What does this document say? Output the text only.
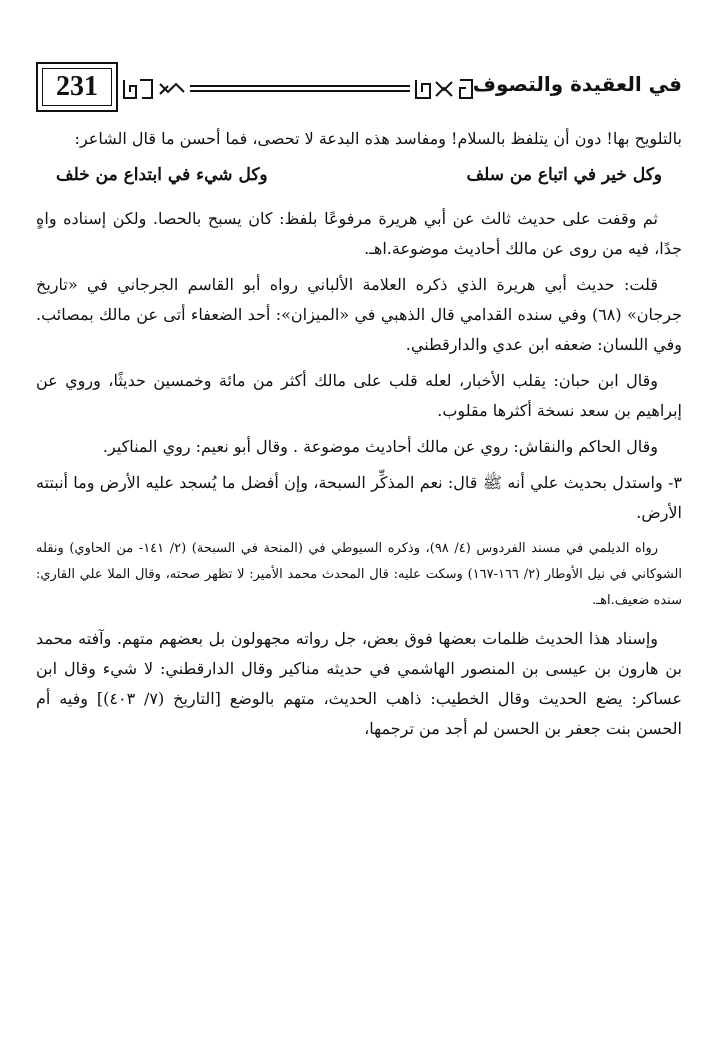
231	في العقيدة والتصوف

بالتلويح بها! دون أن يتلفظ بالسلام! ومفاسد هذه البدعة لا تحصى، فما أحسن ما قال الشاعر:

وكل خير في اتباع من سلف
وكل شيء في ابتداع من خلف

ثم وقفت على حديث ثالث عن أبي هريرة مرفوعًا بلفظ: كان يسبح بالحصا. ولكن إسناده واهٍ جدًا، فيه من روى عن مالك أحاديث موضوعة.اهـ.

قلت: حديث أبي هريرة الذي ذكره العلامة الألباني رواه أبو القاسم الجرجاني في «تاريخ جرجان» (٦٨) وفي سنده القدامي قال الذهبي في «الميزان»: أحد الضعفاء أتى عن مالك بمصائب. وفي اللسان: ضعفه ابن عدي والدارقطني.

وقال ابن حبان: يقلب الأخبار، لعله قلب على مالك أكثر من مائة وخمسين حديثًا، وروي عن إبراهيم بن سعد نسخة أكثرها مقلوب.

وقال الحاكم والنقاش: روي عن مالك أحاديث موضوعة . وقال أبو نعيم: روي المناكير.

٣- واستدل بحديث علي أنه ﷺ قال: نعم المذكِّر السبحة، وإن أفضل ما يُسجد عليه الأرض وما أنبتته الأرض.

رواه الديلمي في مسند الفردوس (٤/ ٩٨)، وذكره السيوطي في (المنحة في السبحة) (٢/ ١٤١- من الحاوي) ونقله الشوكاني في نيل الأوطار (٢/ ١٦٦-١٦٧) وسكت عليه: قال المحدث محمد الأمير: لا تظهر صحته، وقال الملا علي القاري: سنده ضعيف.اهـ.

وإسناد هذا الحديث ظلمات بعضها فوق بعض، جل رواته مجهولون بل بعضهم متهم. وآفته محمد بن هارون بن عيسى بن المنصور الهاشمي في حديثه مناكير وقال الدارقطني: لا شيء وقال ابن عساكر: يضع الحديث وقال الخطيب: ذاهب الحديث، متهم بالوضع [التاريخ (٧/ ٤٠٣)] وفيه أم الحسن بنت جعفر بن الحسن لم أجد من ترجمها،
